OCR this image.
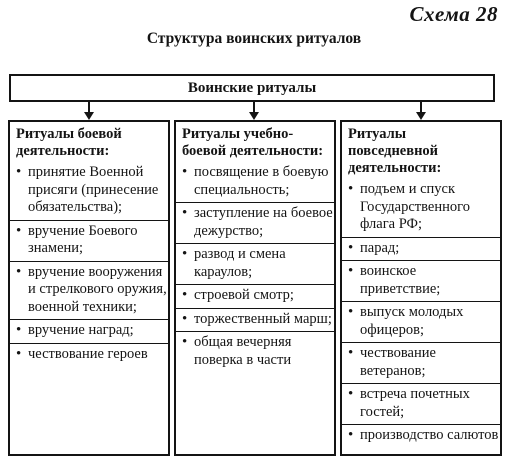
Схема 28
Структура воинских ритуалов
Воинские ритуалы
Ритуалы боевой деятельности:
• принятие Военной присяги (принесение обязательства);
• вручение Боевого знамени;
• вручение вооружения и стрелкового оружия, военной техники;
• вручение наград;
• чествование героев
Ритуалы учебно-боевой деятельности:
• посвящение в боевую специальность;
• заступление на боевое дежурство;
• развод и смена караулов;
• строевой смотр;
• торжественный марш;
• общая вечерняя поверка в части
Ритуалы повседневной деятельности:
• подъем и спуск Государственного флага РФ;
• парад;
• воинское приветствие;
• выпуск молодых офицеров;
• чествование ветеранов;
• встреча почетных гостей;
• производство салютов
